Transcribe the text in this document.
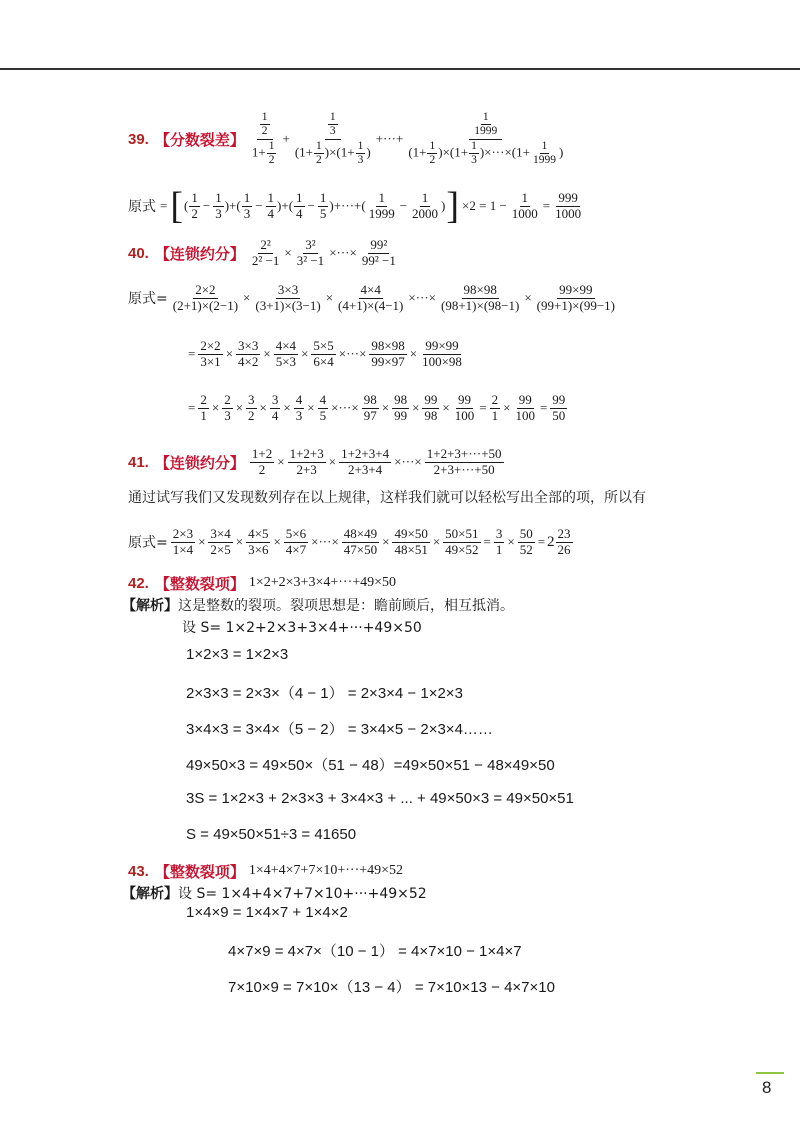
39. 【分数裂差】 $\frac{\frac{1}{2}}{1+ \frac{1}{2}} + \frac{\frac{1}{3}}{(1+ \frac{1}{2} )\times(1+ \frac{1}{3} )}$ +···+ $\frac{\frac{1}{1999}}{(1+ \frac{1}{2} )\times(1+ \frac{1}{3} )\times\cdot\cdot\cdot\times(1+ \frac{1}{1999} )}$
原式 = [ ( $\frac{1}{2} - \frac{1}{3}$ )+( $\frac{1}{3} - \frac{1}{4}$ )+( $\frac{1}{4} - \frac{1}{5}$ )+···+( $\frac{1}{1999} - \frac{1}{2000}$ ) ] $\times 2 = 1 - \frac{1}{1000} = \frac{999}{1000}$
40. 【连锁约分】 $\frac{\text{2²}}{\text{2² −1}} \times \frac{\text{3²}}{\text{3² −1}}$ ×···× $\frac{\text{99²}}{\text{99² −1}}$
原式= $\frac{2\times 2}{(2+1)\times(2-1)} \times \frac{3\times 3}{(3+1)\times(3-1)} \times \frac{4\times 4}{(4+1)\times(4-1)}$ ×···× $\frac{98\times 98}{(98+1)\times(98-1)} \times \frac{99\times 99}{(99+1)\times(99-1)}$
= $\frac{2\times 2}{3\times 1} \times \frac{3\times 3}{4\times 2} \times \frac{4\times 4}{5\times 3} \times \frac{5\times 5}{6\times 4}$ ×···× $\frac{98\times 98}{99\times 97} \times \frac{99\times 99}{100\times 98}$
= $\frac{2}{1} \times \frac{2}{3} \times \frac{3}{2} \times \frac{3}{4} \times \frac{4}{3} \times \frac{4}{5}$ ×···× $\frac{98}{97} \times \frac{98}{99} \times \frac{99}{98} \times \frac{99}{100} = \frac{2}{1} \times \frac{99}{100} = \frac{99}{50}$
41. 【连锁约分】 $\frac{1+2}{2} \times \frac{1+2+3}{2+3} \times \frac{1+2+3+4}{2+3+4}$ ×···× $\frac{1+2+3+\cdot\cdot\cdot+50}{2+3+\cdot\cdot\cdot+50}$
通过试写我们又发现数列存在以上规律，这样我们就可以轻松写出全部的项，所以有
原式= $\frac{2\times 3}{1\times 4} \times \frac{3\times 4}{2\times 5} \times \frac{4\times 5}{3\times 6} \times \frac{5\times 6}{4\times 7}$ ×···× $\frac{48\times 49}{47\times 50} \times \frac{49\times 50}{48\times 51} \times \frac{50\times 51}{49\times 52} = \frac{3}{1} \times \frac{50}{52} = 2 \frac{23}{26}$
42. 【整数裂项】 1×2+2×3+3×4+···+49×50
【解析】 这是整数的裂项。裂项思想是：瞻前顾后，相互抵消。
设 S= 1×2+2×3+3×4+···+49×50
1×2×3 = 1×2×3
2×3×3 = 2×3×（4 − 1） = 2×3×4 − 1×2×3
3×4×3 = 3×4×（5 − 2） = 3×4×5 − 2×3×4……
49×50×3 = 49×50×（51 − 48）=49×50×51 − 48×49×50
3S = 1×2×3 + 2×3×3 + 3×4×3 + ... + 49×50×3 = 49×50×51
S = 49×50×51÷3 = 41650
43. 【整数裂项】 1×4+4×7+7×10+···+49×52
【解析】 设 S= 1×4+4×7+7×10+···+49×52
1×4×9 = 1×4×7 + 1×4×2
4×7×9 = 4×7×（10 − 1） = 4×7×10 − 1×4×7
7×10×9 = 7×10×（13 − 4） = 7×10×13 − 4×7×10
8
